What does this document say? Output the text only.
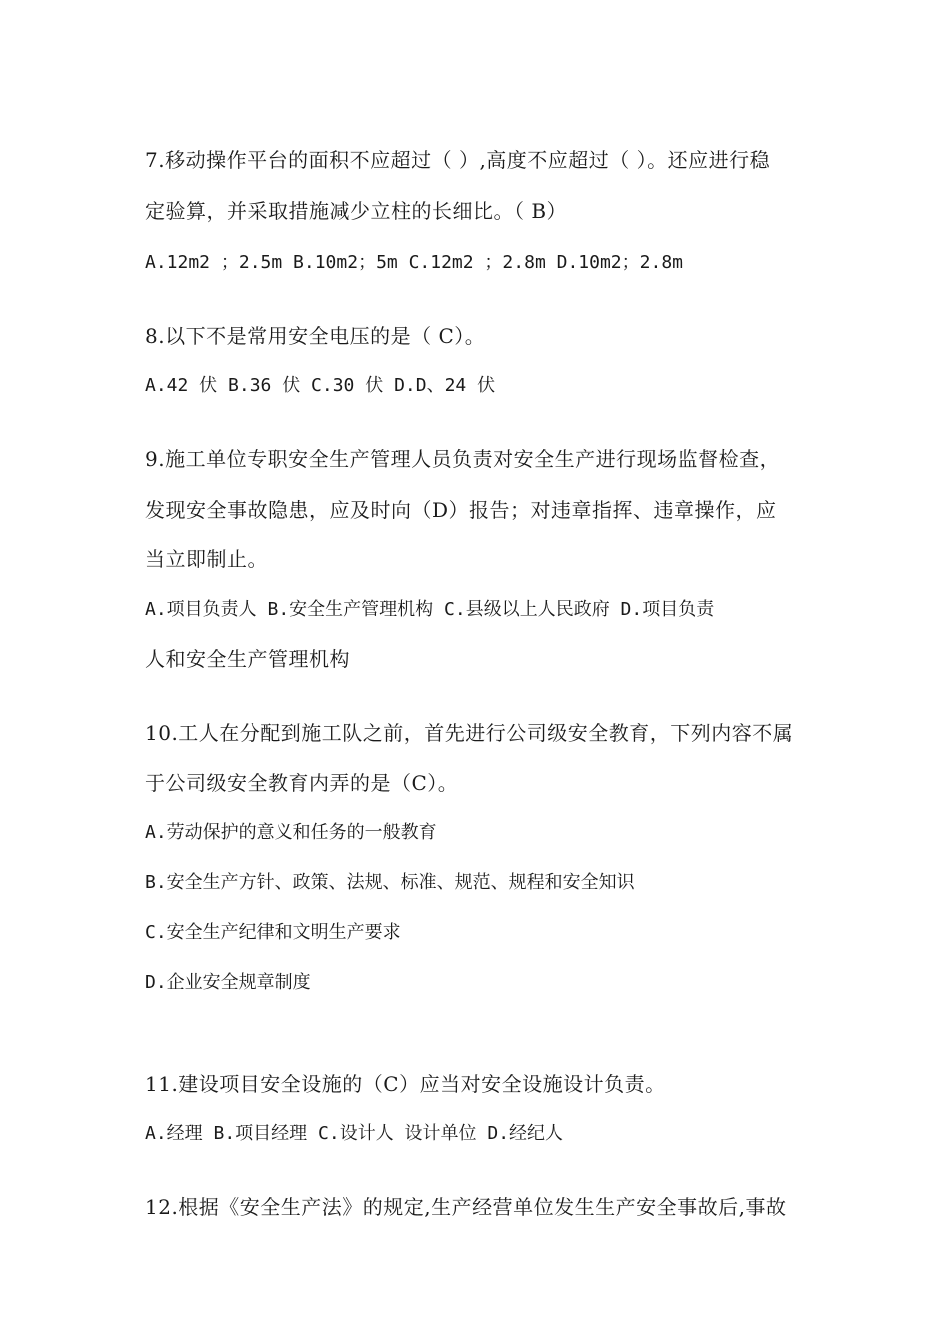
7.移动操作平台的面积不应超过（ ）,高度不应超过（ ）。还应进行稳
定验算，并采取措施减少立柱的长细比。（ B）
A.12m2 ；2.5m B.10m2；5m C.12m2 ；2.8m D.10m2；2.8m
8.以下不是常用安全电压的是（ C）。
A.42 伏 B.36 伏 C.30 伏 D.D、24 伏
9.施工单位专职安全生产管理人员负责对安全生产进行现场监督检查，
发现安全事故隐患，应及时向（D）报告；对违章指挥、违章操作，应
当立即制止。
A.项目负责人 B.安全生产管理机构 C.县级以上人民政府 D.项目负责
人和安全生产管理机构
10.工人在分配到施工队之前，首先进行公司级安全教育，下列内容不属
于公司级安全教育内弄的是（C）。
A.劳动保护的意义和任务的一般教育
B.安全生产方针、政策、法规、标准、规范、规程和安全知识
C.安全生产纪律和文明生产要求
D.企业安全规章制度
11.建设项目安全设施的（C）应当对安全设施设计负责。
A.经理 B.项目经理 C.设计人 设计单位 D.经纪人
12.根据《安全生产法》的规定,生产经营单位发生生产安全事故后,事故
